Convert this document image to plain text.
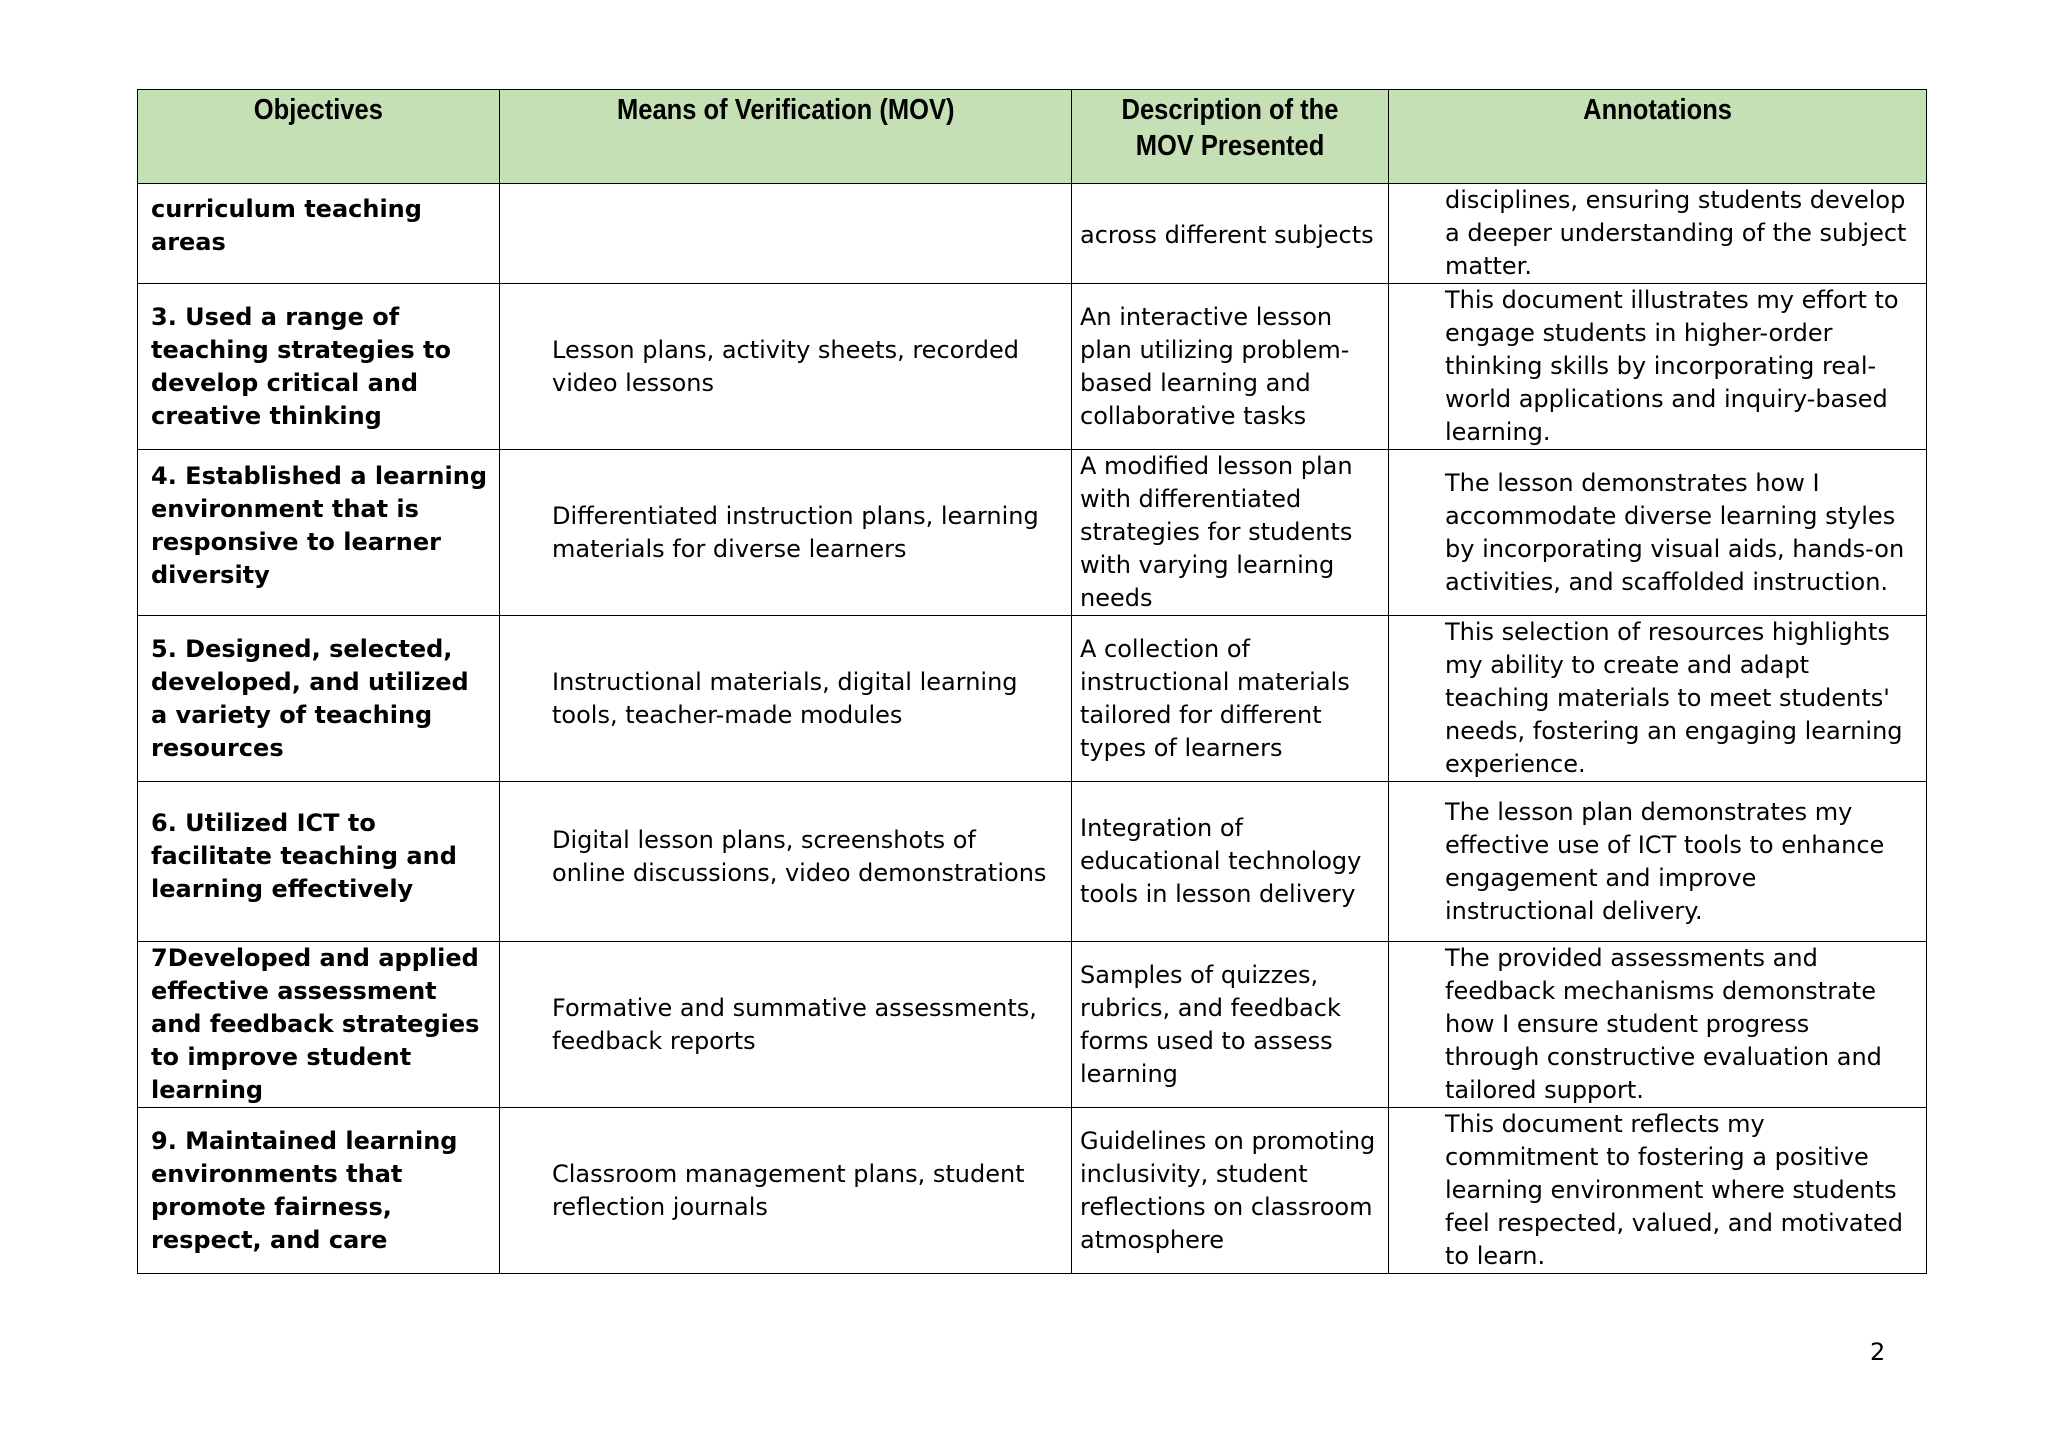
Objectives	Means of Verification (MOV)	Description of the MOV Presented	Annotations

curriculum teaching areas		across different subjects	disciplines, ensuring students develop a deeper understanding of the subject matter.

3. Used a range of teaching strategies to develop critical and creative thinking	Lesson plans, activity sheets, recorded video lessons	An interactive lesson plan utilizing problem-based learning and collaborative tasks	This document illustrates my effort to engage students in higher-order thinking skills by incorporating real-world applications and inquiry-based learning.

4. Established a learning environment that is responsive to learner diversity	Differentiated instruction plans, learning materials for diverse learners	A modified lesson plan with differentiated strategies for students with varying learning needs	The lesson demonstrates how I accommodate diverse learning styles by incorporating visual aids, hands-on activities, and scaffolded instruction.

5. Designed, selected, developed, and utilized a variety of teaching resources	Instructional materials, digital learning tools, teacher-made modules	A collection of instructional materials tailored for different types of learners	This selection of resources highlights my ability to create and adapt teaching materials to meet students' needs, fostering an engaging learning experience.

6. Utilized ICT to facilitate teaching and learning effectively	Digital lesson plans, screenshots of online discussions, video demonstrations	Integration of educational technology tools in lesson delivery	The lesson plan demonstrates my effective use of ICT tools to enhance engagement and improve instructional delivery.

7Developed and applied effective assessment and feedback strategies to improve student learning	Formative and summative assessments, feedback reports	Samples of quizzes, rubrics, and feedback forms used to assess learning	The provided assessments and feedback mechanisms demonstrate how I ensure student progress through constructive evaluation and tailored support.

9. Maintained learning environments that promote fairness, respect, and care	Classroom management plans, student reflection journals	Guidelines on promoting inclusivity, student reflections on classroom atmosphere	This document reflects my commitment to fostering a positive learning environment where students feel respected, valued, and motivated to learn.
2
